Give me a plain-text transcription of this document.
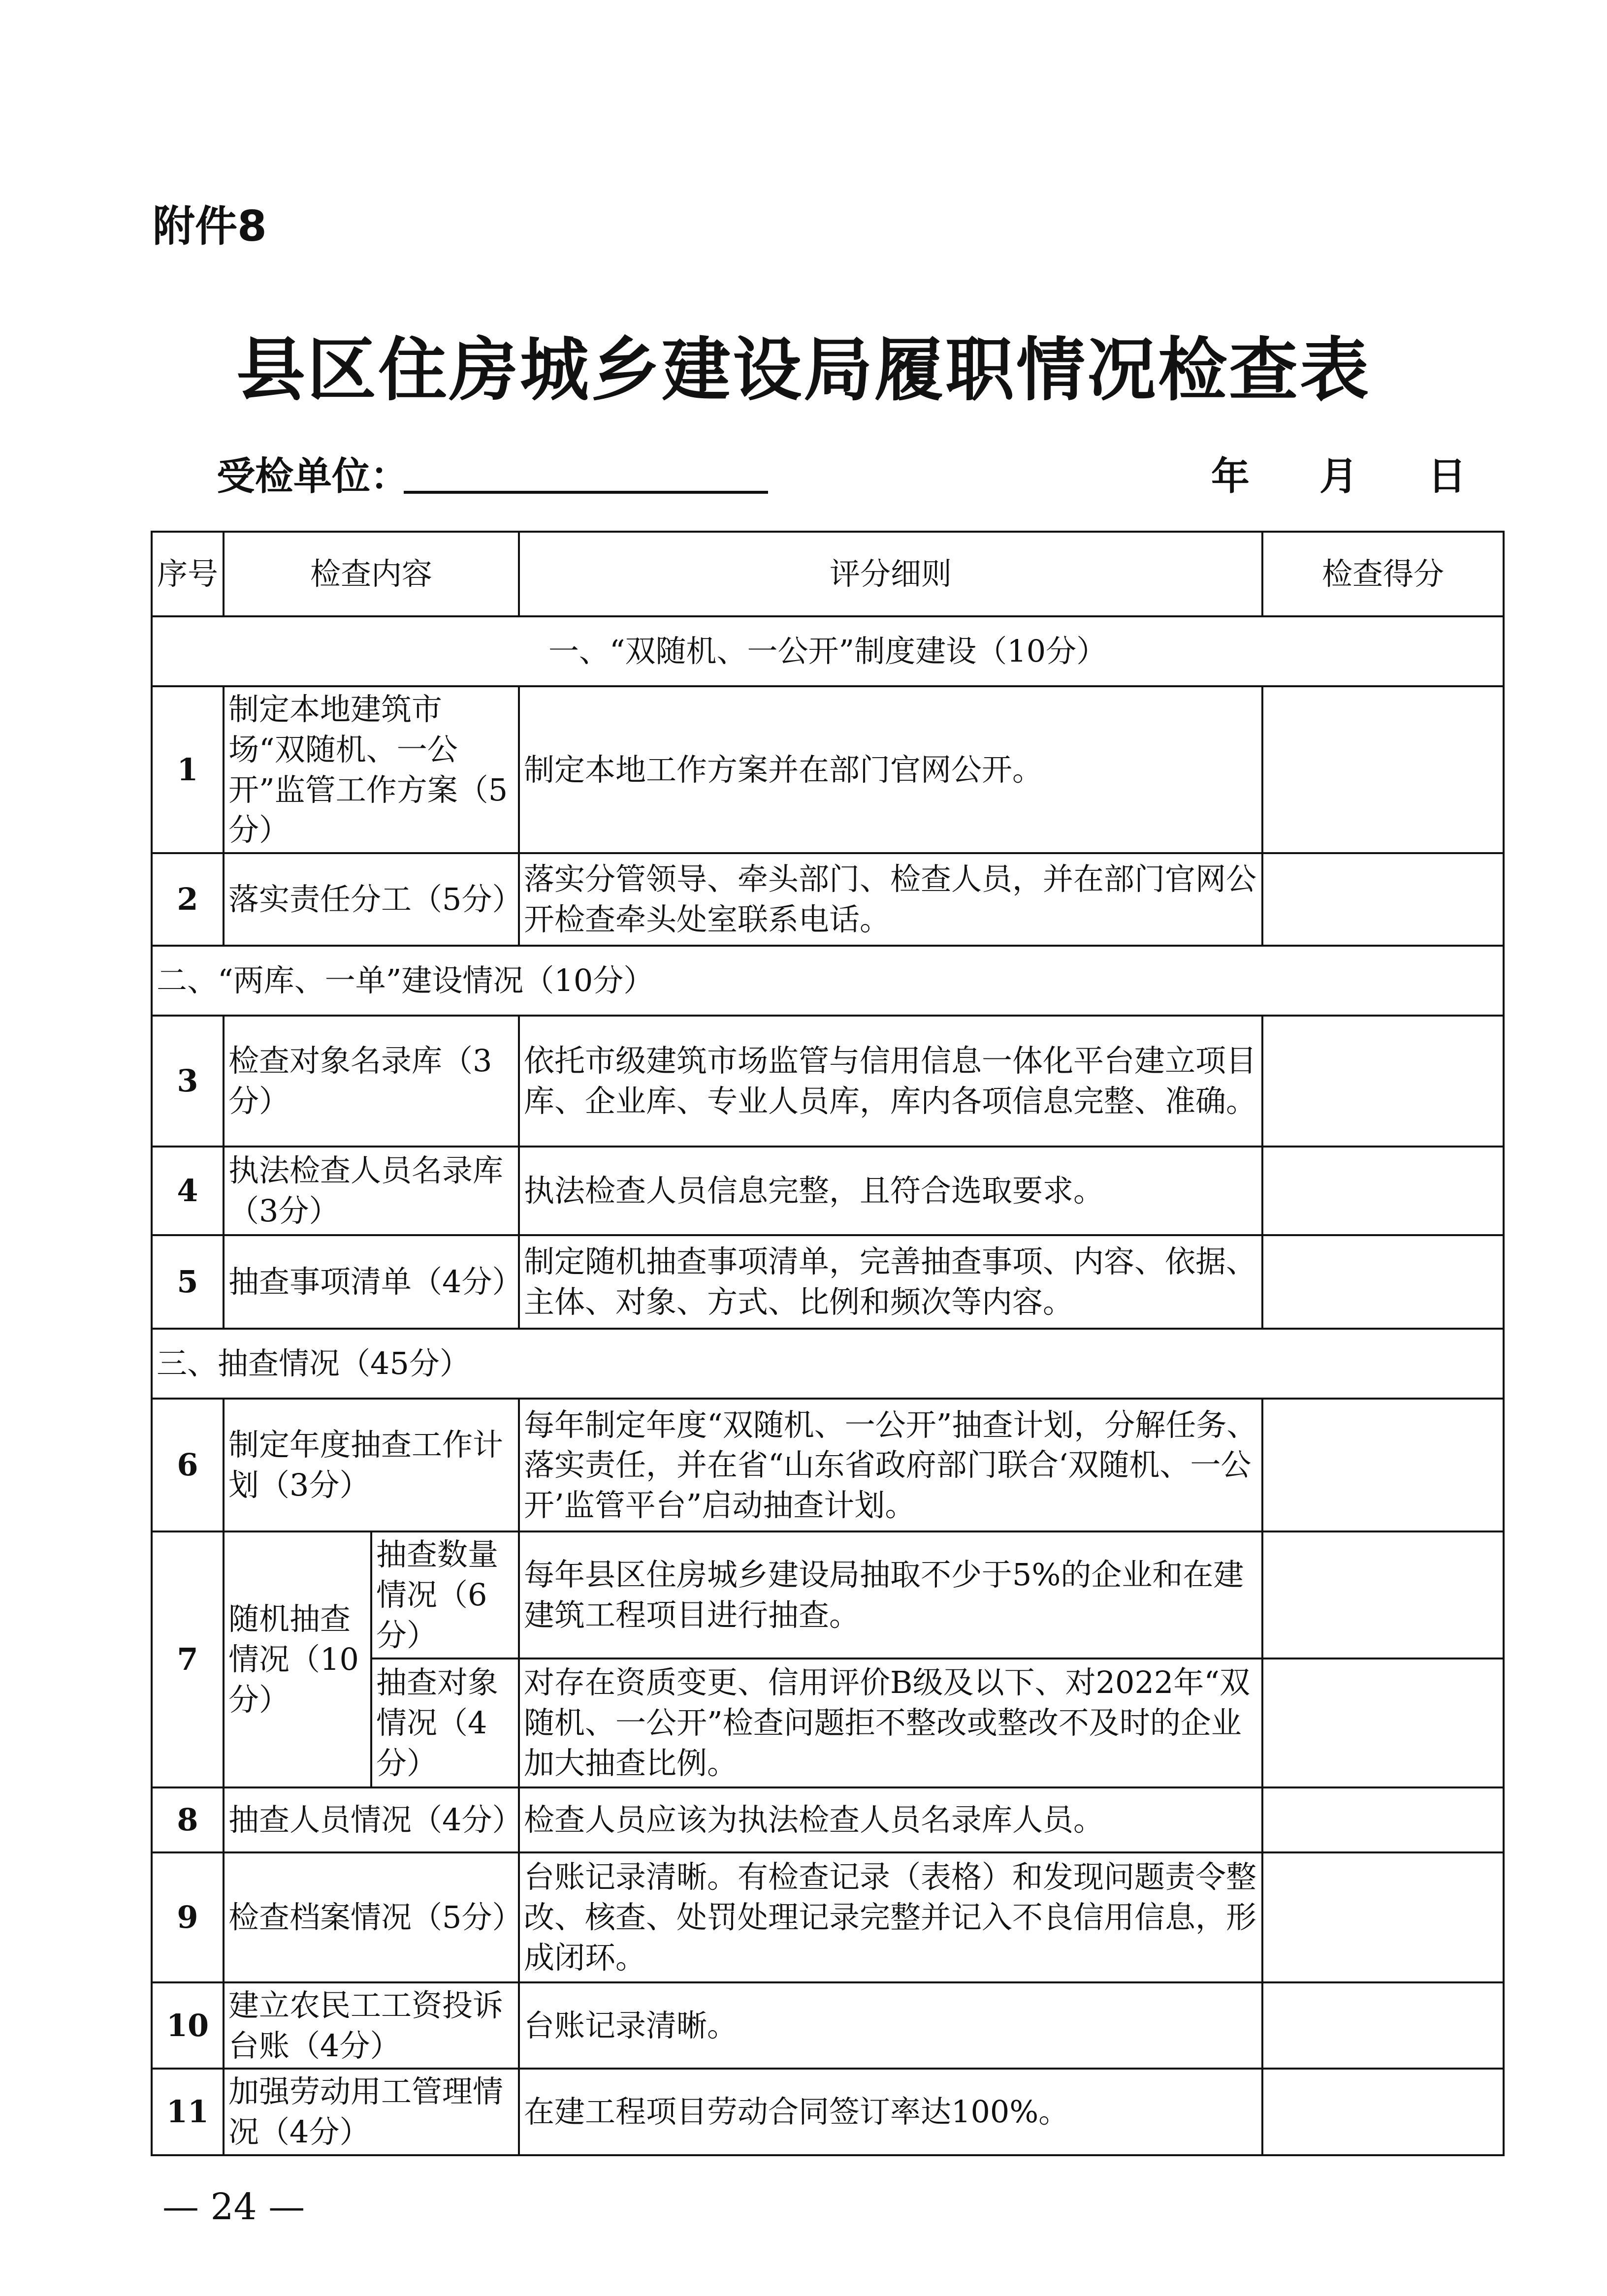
附件8
县区住房城乡建设局履职情况检查表
受检单位：	年 月 日
序号	检查内容		评分细则	检查得分
一、“双随机、一公开”制度建设（10分）				
1	制定本地建筑市场“双随机、一公开”监管工作方案（5分）		制定本地工作方案并在部门官网公开。	
2	落实责任分工（5分）		落实分管领导、牵头部门、检查人员，并在部门官网公开检查牵头处室联系电话。	
二、“两库、一单”建设情况（10分）				
3	检查对象名录库（3分）		依托市级建筑市场监管与信用信息一体化平台建立项目库、企业库、专业人员库，库内各项信息完整、准确。	
4	执法检查人员名录库（3分）		执法检查人员信息完整，且符合选取要求。	
5	抽查事项清单（4分）		制定随机抽查事项清单，完善抽查事项、内容、依据、主体、对象、方式、比例和频次等内容。	
三、抽查情况（45分）				
6	制定年度抽查工作计划（3分）		每年制定年度“双随机、一公开”抽查计划，分解任务、落实责任，并在省“山东省政府部门联合‘双随机、一公开’监管平台”启动抽查计划。	
7	随机抽查情况（10分）	抽查数量情况（6分）	每年县区住房城乡建设局抽取不少于5%的企业和在建建筑工程项目进行抽查。	
		抽查对象情况（4分）	对存在资质变更、信用评价B级及以下、对2022年“双随机、一公开”检查问题拒不整改或整改不及时的企业加大抽查比例。	
8	抽查人员情况（4分）		检查人员应该为执法检查人员名录库人员。	
9	检查档案情况（5分）		台账记录清晰。有检查记录（表格）和发现问题责令整改、核查、处罚处理记录完整并记入不良信用信息，形成闭环。	
10	建立农民工工资投诉台账（4分）		台账记录清晰。	
11	加强劳动用工管理情况（4分）		在建工程项目劳动合同签订率达100%。	
— 24 —
